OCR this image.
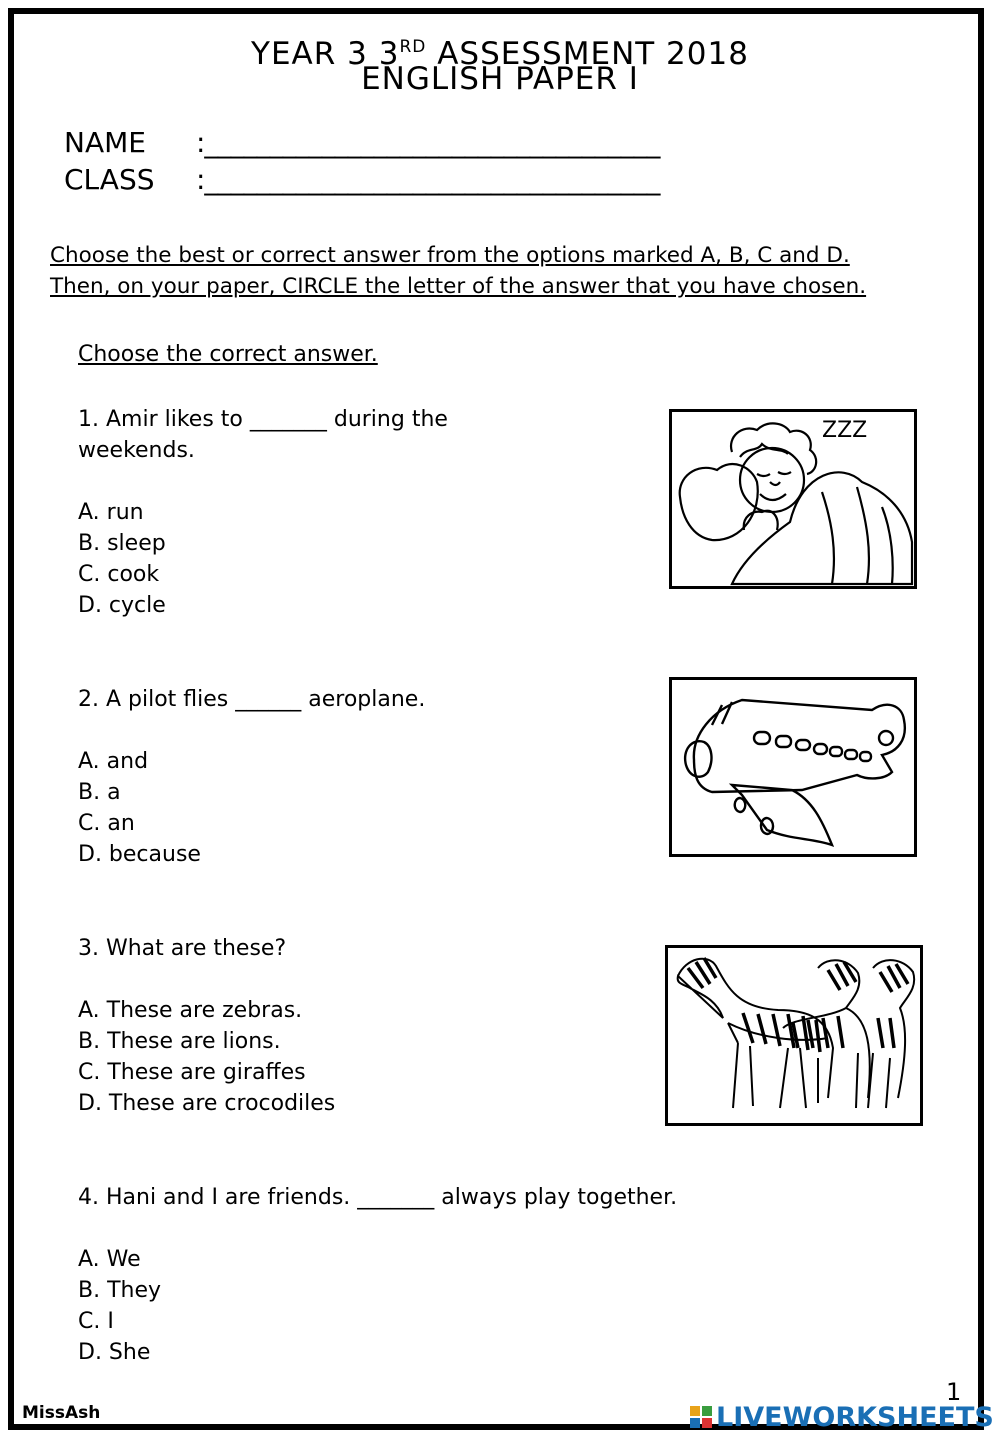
YEAR 3 3RD ASSESSMENT 2018
ENGLISH PAPER I
NAME :___________________________________
CLASS :___________________________________
Choose the best or correct answer from the options marked A, B, C and D.
Then, on your paper, CIRCLE the letter of the answer that you have chosen.
Choose the correct answer.
1. Amir likes to _______ during the
weekends.
A. run
B. sleep
C. cook
D. cycle
ZZZ
2. A pilot flies ______ aeroplane.
A. and
B. a
C. an
D. because
3. What are these?
A. These are zebras.
B. These are lions.
C. These are giraffes
D. These are crocodiles
4. Hani and I are friends. _______ always play together.
A. We
B. They
C. I
D. She
1
MissAsh	LIVEWORKSHEETS
